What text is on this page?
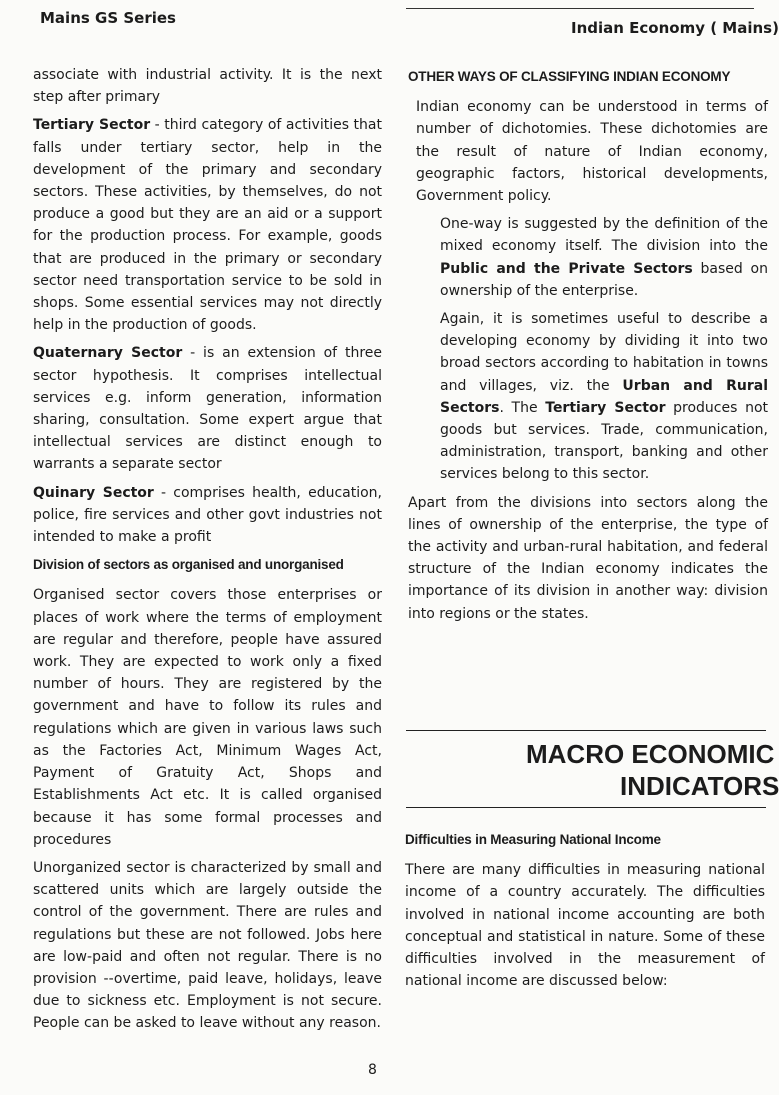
Mains GS Series
Indian Economy ( Mains)

associate with industrial activity. It is the next step after primary

Tertiary Sector - third category of activities that falls under tertiary sector, help in the development of the primary and secondary sectors. These activities, by themselves, do not produce a good but they are an aid or a support for the production process. For example, goods that are produced in the primary or secondary sector need transportation service to be sold in shops. Some essential services may not directly help in the production of goods.

Quaternary Sector - is an extension of three sector hypothesis. It comprises intellectual services e.g. inform generation, information sharing, consultation. Some expert argue that intellectual services are distinct enough to warrants a separate sector

Quinary Sector - comprises health, education, police, fire services and other govt industries not intended to make a profit

Division of sectors as organised and unorganised

Organised sector covers those enterprises or places of work where the terms of employment are regular and therefore, people have assured work. They are expected to work only a fixed number of hours. They are registered by the government and have to follow its rules and regulations which are given in various laws such as the Factories Act, Minimum Wages Act, Payment of Gratuity Act, Shops and Establishments Act etc. It is called organised because it has some formal processes and procedures

Unorganized sector is characterized by small and scattered units which are largely outside the control of the government. There are rules and regulations but these are not followed. Jobs here are low-paid and often not regular. There is no provision --overtime, paid leave, holidays, leave due to sickness etc. Employment is not secure. People can be asked to leave without any reason.

OTHER WAYS OF CLASSIFYING INDIAN ECONOMY

Indian economy can be understood in terms of number of dichotomies. These dichotomies are the result of nature of Indian economy, geographic factors, historical developments, Government policy.

One-way is suggested by the definition of the mixed economy itself. The division into the Public and the Private Sectors based on ownership of the enterprise.

Again, it is sometimes useful to describe a developing economy by dividing it into two broad sectors according to habitation in towns and villages, viz. the Urban and Rural Sectors. The Tertiary Sector produces not goods but services. Trade, communication, administration, transport, banking and other services belong to this sector.

Apart from the divisions into sectors along the lines of ownership of the enterprise, the type of the activity and urban-rural habitation, and federal structure of the Indian economy indicates the importance of its division in another way: division into regions or the states.

MACRO ECONOMIC
INDICATORS
Difficulties in Measuring National Income

There are many difficulties in measuring national income of a country accurately. The difficulties involved in national income accounting are both conceptual and statistical in nature. Some of these difficulties involved in the measurement of national income are discussed below:

8
